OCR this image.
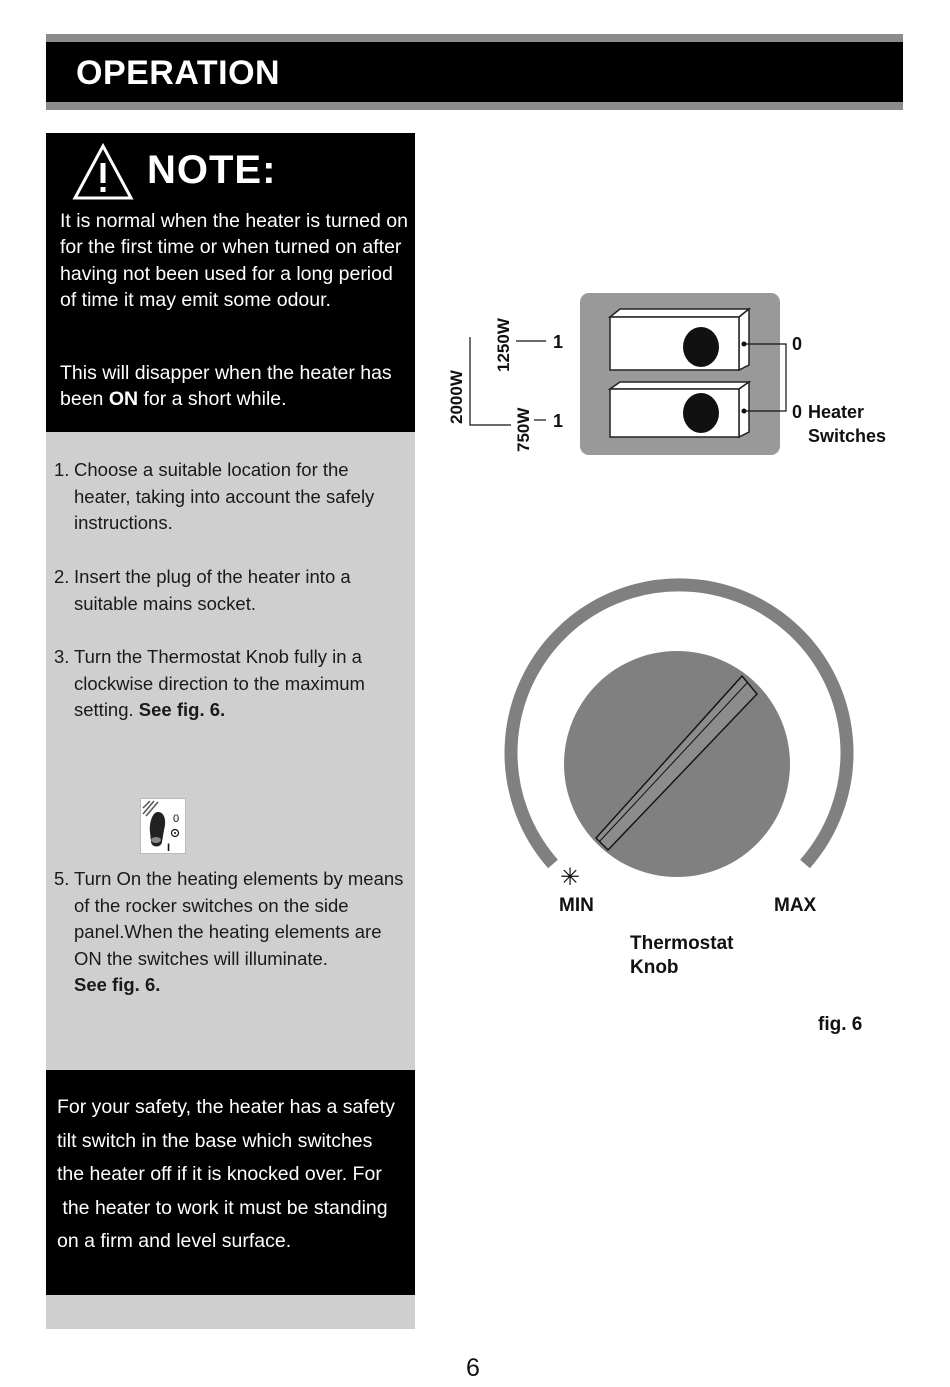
OPERATION
NOTE:
It is normal when the heater is turned on for the first time or when turned on after having not been used for a long period of time it may emit some odour.
This will disapper when the heater has been ON for a short while.
1. Choose a suitable location for the heater, taking into account the safely instructions.
2. Insert the plug of the heater into a suitable mains socket.
3. Turn the Thermostat Knob fully in a clockwise direction to the maximum setting. See fig. 6.
0
I
5. Turn On the heating elements by means of the rocker switches on the side panel.When the heating elements are ON the switches will illuminate.
See fig. 6.
For your safety, the heater has a safety
tilt switch in the base which switches
the heater off if it is knocked over. For
the heater to work it must be standing
on a firm and level surface.
0
0 Heater
Switches
1
1
1250W
2000W
750W
✳
MIN	MAX
Thermostat
Knob
fig. 6
6
